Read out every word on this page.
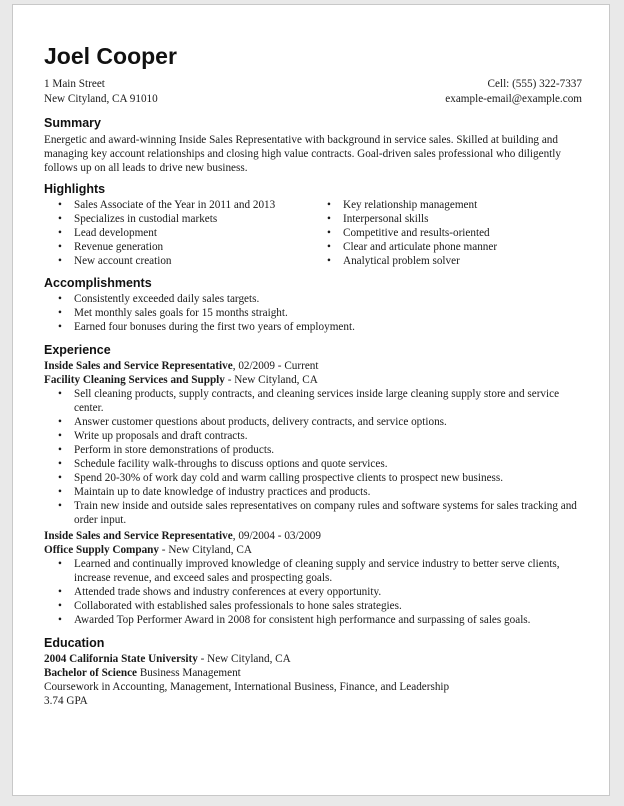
Joel Cooper
1 Main Street
New Cityland, CA 91010
Cell: (555) 322-7337
example-email@example.com
Summary

Energetic and award-winning Inside Sales Representative with background in service sales. Skilled at building and managing key account relationships and closing high value contracts. Goal-driven sales professional who diligently follows up on all leads to drive new business.

Highlights
• Sales Associate of the Year in 2011 and 2013
• Specializes in custodial markets
• Lead development
• Revenue generation
• New account creation
• Key relationship management
• Interpersonal skills
• Competitive and results-oriented
• Clear and articulate phone manner
• Analytical problem solver
Accomplishments
• Consistently exceeded daily sales targets.
• Met monthly sales goals for 15 months straight.
• Earned four bonuses during the first two years of employment.
Experience
Inside Sales and Service Representative, 02/2009 - Current
Facility Cleaning Services and Supply - New Cityland, CA
• Sell cleaning products, supply contracts, and cleaning services inside large cleaning supply store and service center.
• Answer customer questions about products, delivery contracts, and service options.
• Write up proposals and draft contracts.
• Perform in store demonstrations of products.
• Schedule facility walk-throughs to discuss options and quote services.
• Spend 20-30% of work day cold and warm calling prospective clients to prospect new business.
• Maintain up to date knowledge of industry practices and products.
• Train new inside and outside sales representatives on company rules and software systems for sales tracking and order input.
Inside Sales and Service Representative, 09/2004 - 03/2009
Office Supply Company - New Cityland, CA
• Learned and continually improved knowledge of cleaning supply and service industry to better serve clients, increase revenue, and exceed sales and prospecting goals.
• Attended trade shows and industry conferences at every opportunity.
• Collaborated with established sales professionals to hone sales strategies.
• Awarded Top Performer Award in 2008 for consistent high performance and surpassing of sales goals.
Education
2004 California State University - New Cityland, CA
Bachelor of Science Business Management
Coursework in Accounting, Management, International Business, Finance, and Leadership
3.74 GPA
